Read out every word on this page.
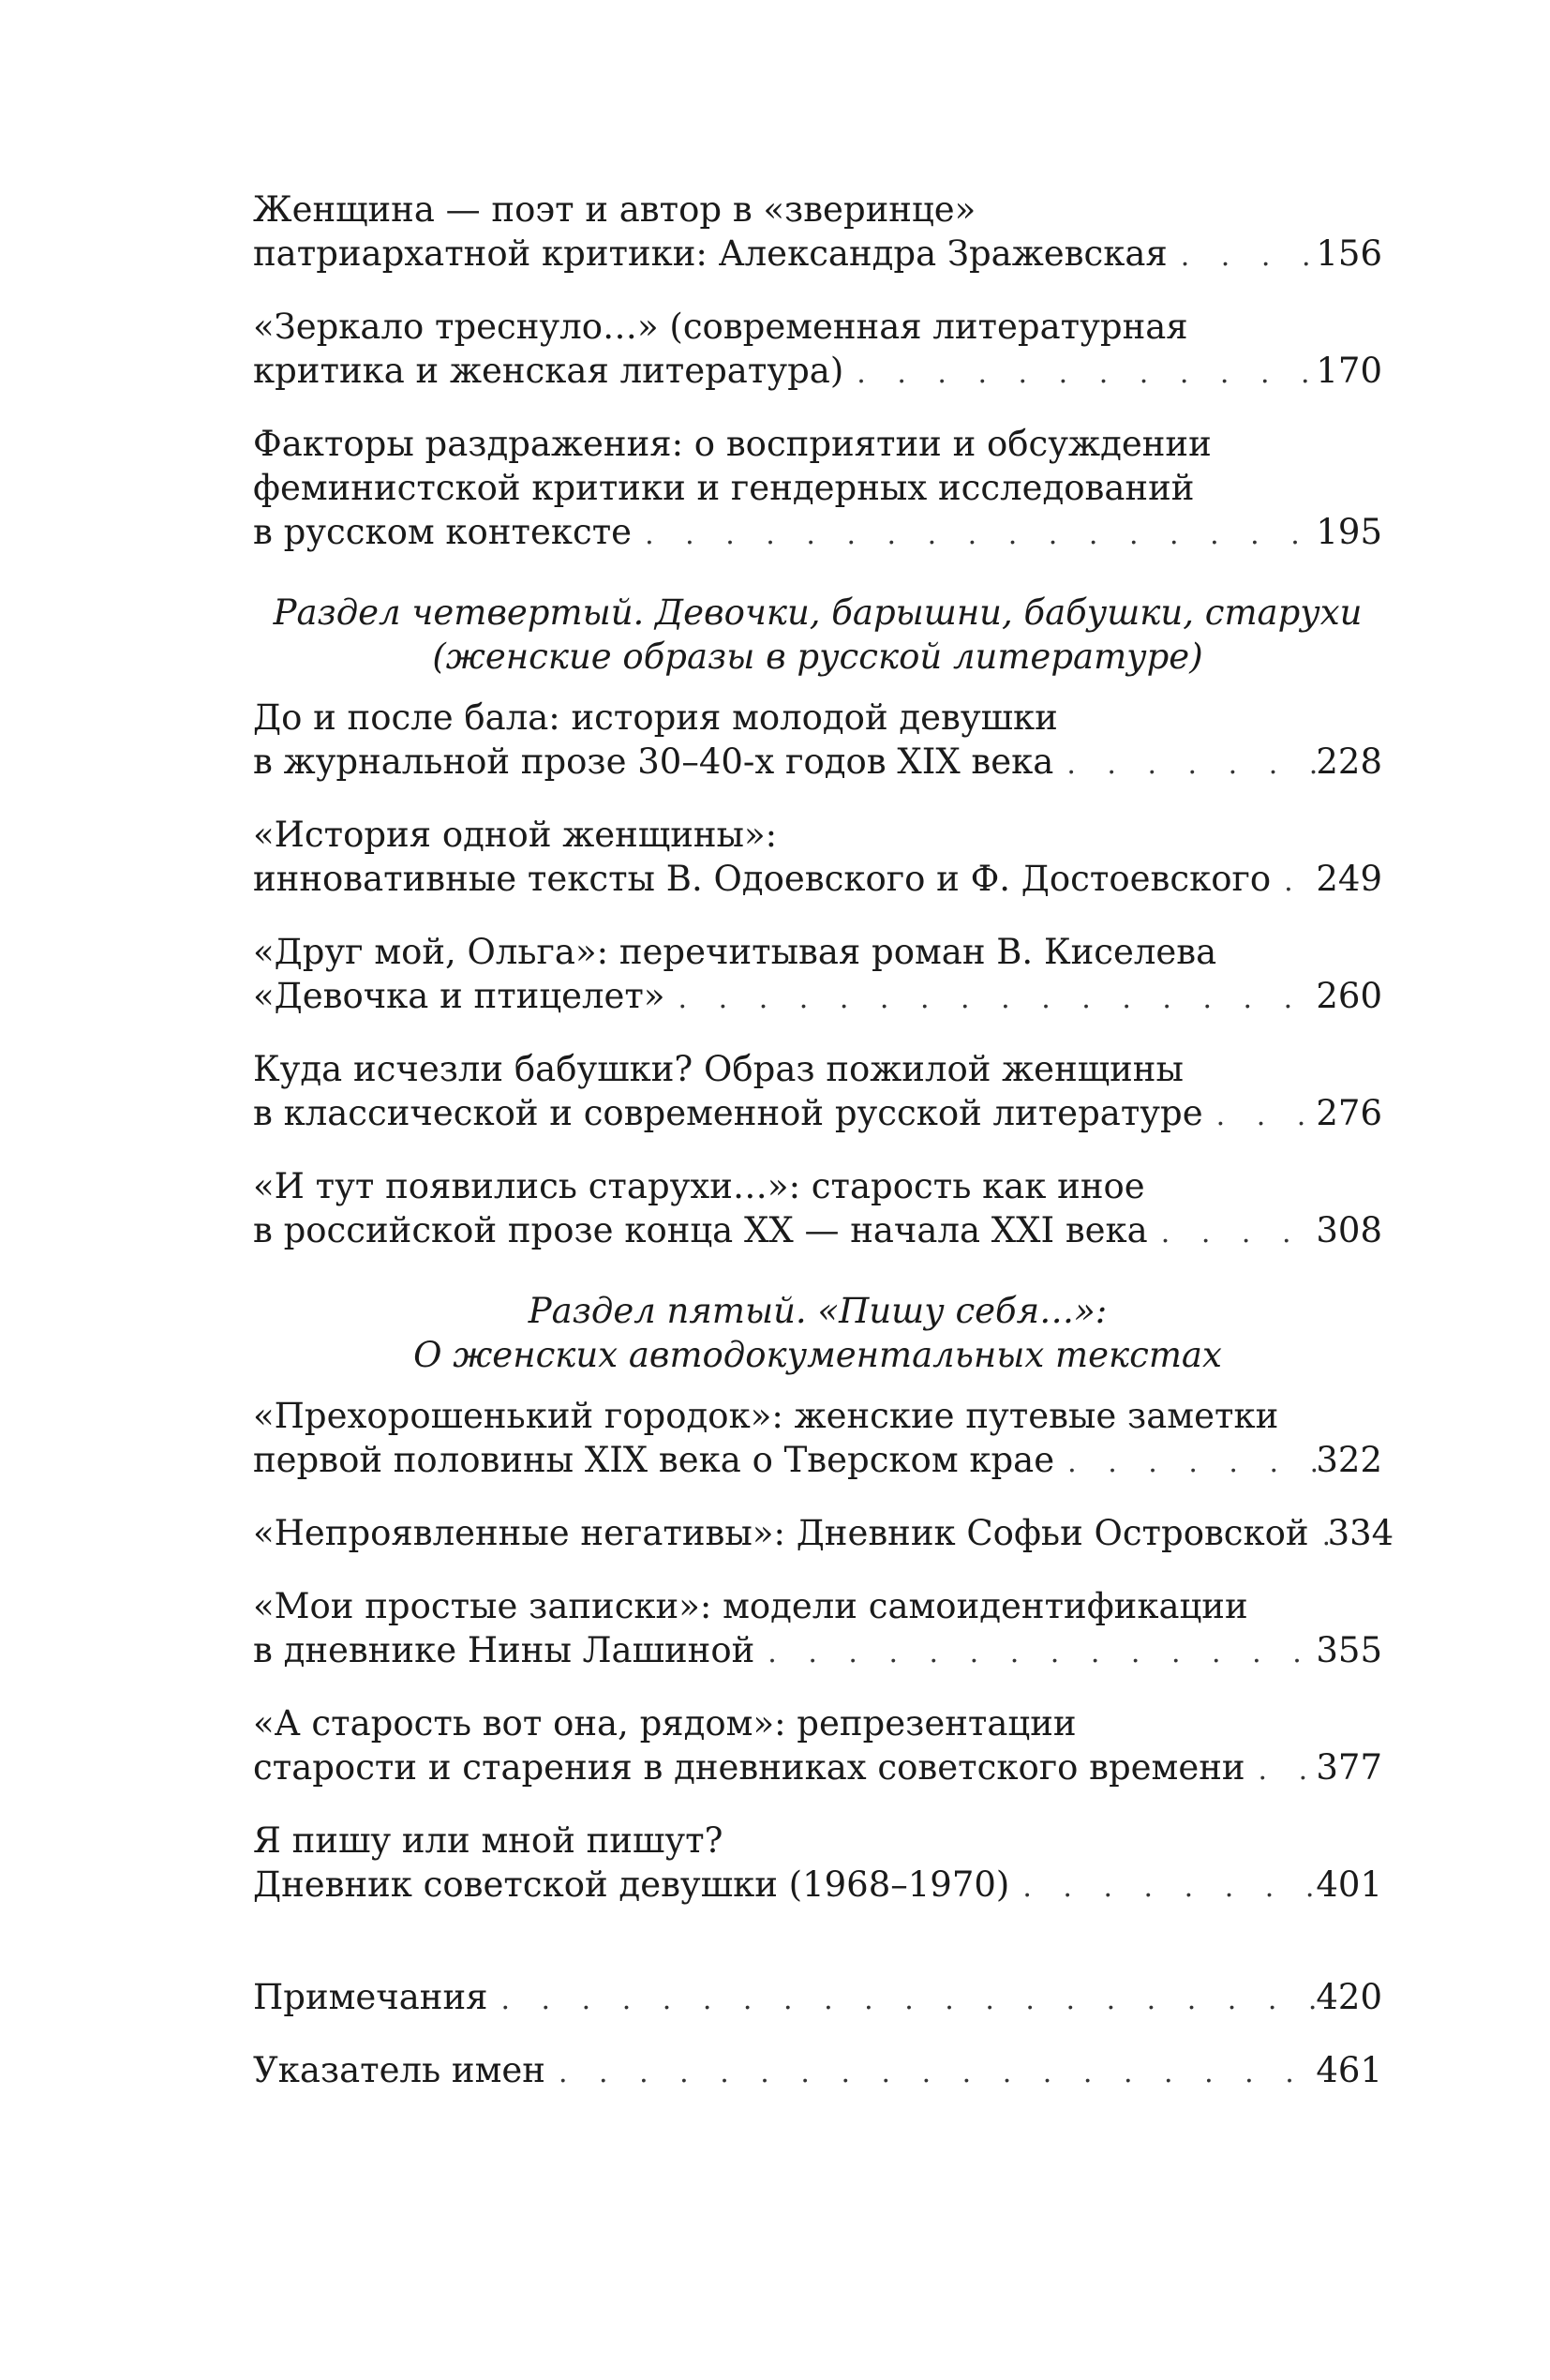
Женщина — поэт и автор в «зверинце»
патриархатной критики: Александра Зражевская . . .	156
«Зеркало треснуло…» (современная литературная
критика и женская литература) . . .	170
Факторы раздражения: о восприятии и обсуждении
феминистской критики и гендерных исследований
в русском контексте . . .	195
Раздел четвертый. Девочки, барышни, бабушки, старухи
(женские образы в русской литературе)
До и после бала: история молодой девушки
в журнальной прозе 30–40-х годов XIX века . . .	228
«История одной женщины»:
инновативные тексты В. Одоевского и Ф. Достоевского . . . 249
«Друг мой, Ольга»: перечитывая роман В. Киселева
«Девочка и птицелет» . . .	260
Куда исчезли бабушки? Образ пожилой женщины
в классической и современной русской литературе . . .	276
«И тут появились старухи…»: старость как иное
в российской прозе конца XX — начала XXI века . . .	308
Раздел пятый. «Пишу себя…»:
О женских автодокументальных текстах
«Прехорошенький городок»: женские путевые заметки
первой половины XIX века о Тверском крае . . .	322
«Непроявленные негативы»: Дневник Софьи Островской . . . 334
«Мои простые записки»: модели самоидентификации
в дневнике Нины Лашиной . . .	355
«А старость вот она, рядом»: репрезентации
старости и старения в дневниках советского времени . . . 377
Я пишу или мной пишут?
Дневник советской девушки (1968–1970) . . .	401
Примечания . . .	420
Указатель имен . . .	461
